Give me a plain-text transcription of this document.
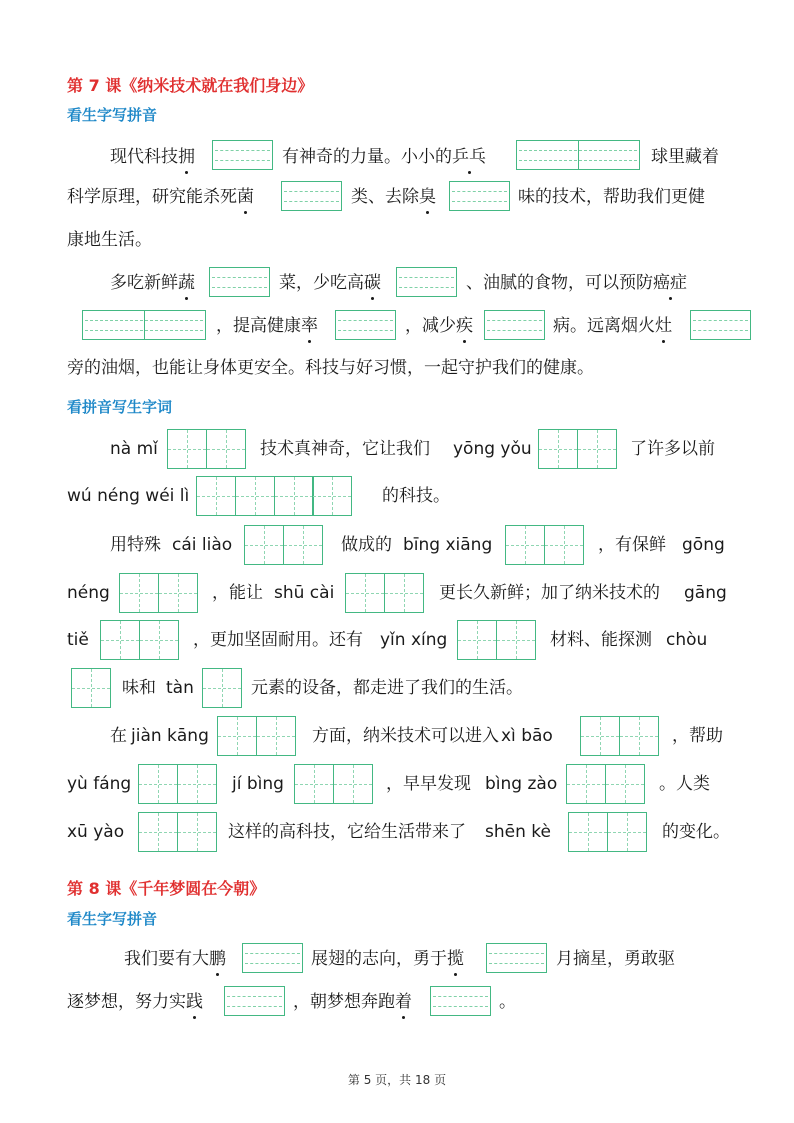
第 7 课《纳米技术就在我们身边》
看生字写拼音
现代科技拥	有神奇的力量。小小的乒乓	球里藏着
科学原理，研究能杀死菌	类、去除臭	味的技术，帮助我们更健
康地生活。
多吃新鲜蔬	菜，少吃高碳	、油腻的食物，可以预防癌症
，提高健康率	，减少疾	病。远离烟火灶
旁的油烟，也能让身体更安全。科技与好习惯，一起守护我们的健康。
看拼音写生字词
nà mǐ	技术真神奇，它让我们 yōng yǒu	了许多以前
wú néng wéi lì	的科技。
用特殊 cái liào	做成的 bīng xiāng	，有保鲜 gōng
néng	，能让 shū cài	更长久新鲜；加了纳米技术的 gāng
tiě	，更加坚固耐用。还有 yǐn xíng	材料、能探测 chòu
味和 tàn	元素的设备，都走进了我们的生活。
在 jiàn kāng	方面，纳米技术可以进入 xì bāo	，帮助
yù fáng	jí bìng	，早早发现 bìng zào	。人类
xū yào	这样的高科技，它给生活带来了 shēn kè	的变化。
第 8 课《千年梦圆在今朝》
看生字写拼音
我们要有大鹏	展翅的志向，勇于揽	月摘星，勇敢驱
逐梦想，努力实践	，朝梦想奔跑着	。
第 5 页，共 18 页
